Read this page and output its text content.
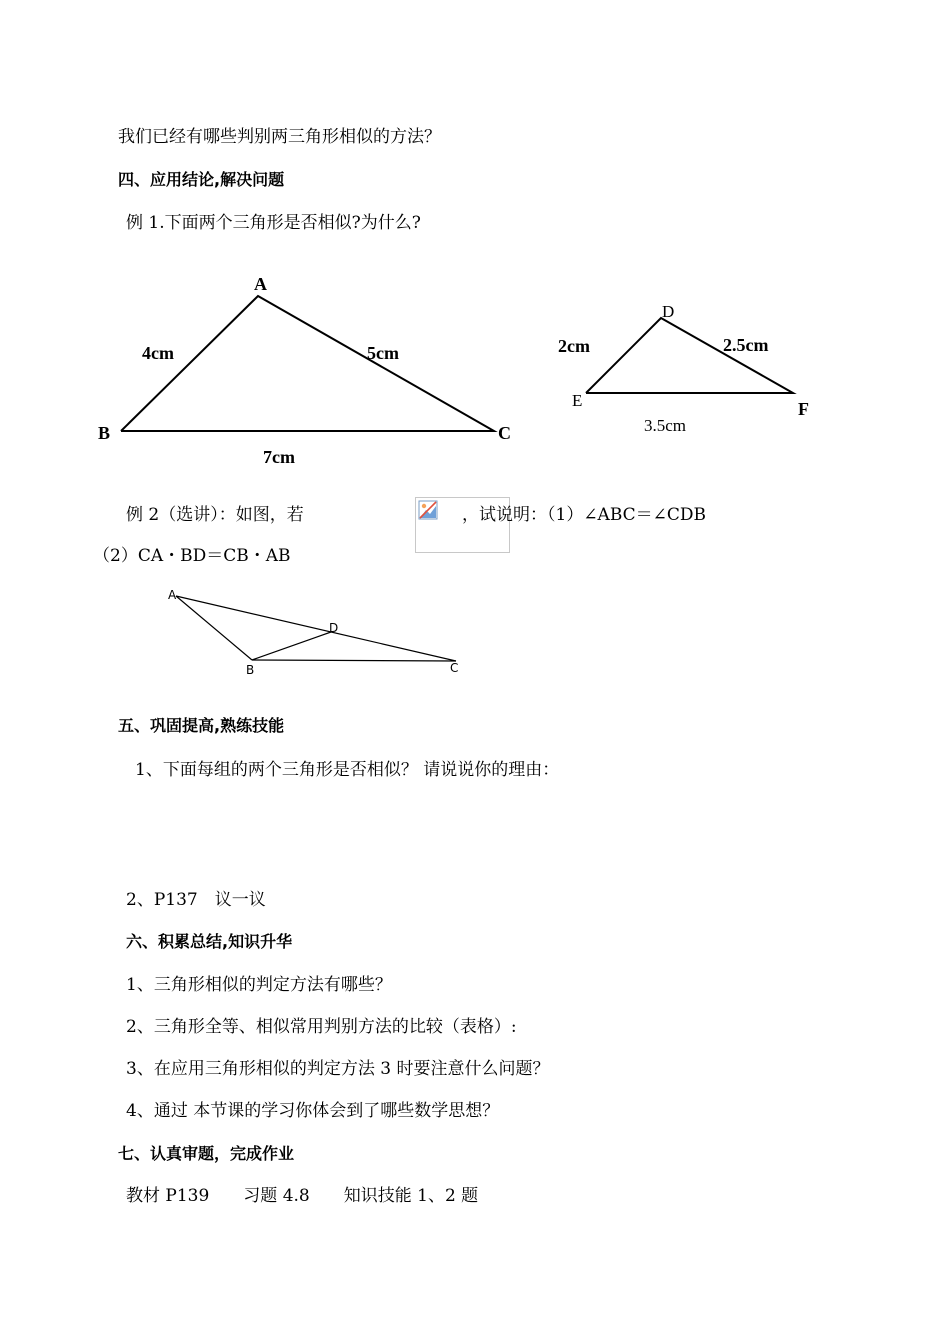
我们已经有哪些判别两三角形相似的方法？
四、应用结论,解决问题
例 1.下面两个三角形是否相似?为什么?
A
B	C
4cm	5cm
7cm
D
E	F
2cm	2.5cm
3.5cm
A
B	C
D
例 2（选讲）：如图，若	，试说明：（1）∠ABC＝∠CDB
（2）CA・BD＝CB・AB
五、巩固提高,熟练技能
1、下面每组的两个三角形是否相似？ 请说说你的理由：
2、P137　议一议
六、积累总结,知识升华
1、三角形相似的判定方法有哪些？
2、三角形全等、相似常用判别方法的比较（表格）:
3、在应用三角形相似的判定方法 3 时要注意什么问题？
4、通过 本节课的学习你体会到了哪些数学思想？
七、认真审题，完成作业
教材 P139　　习题 4.8　　知识技能 1、2 题
